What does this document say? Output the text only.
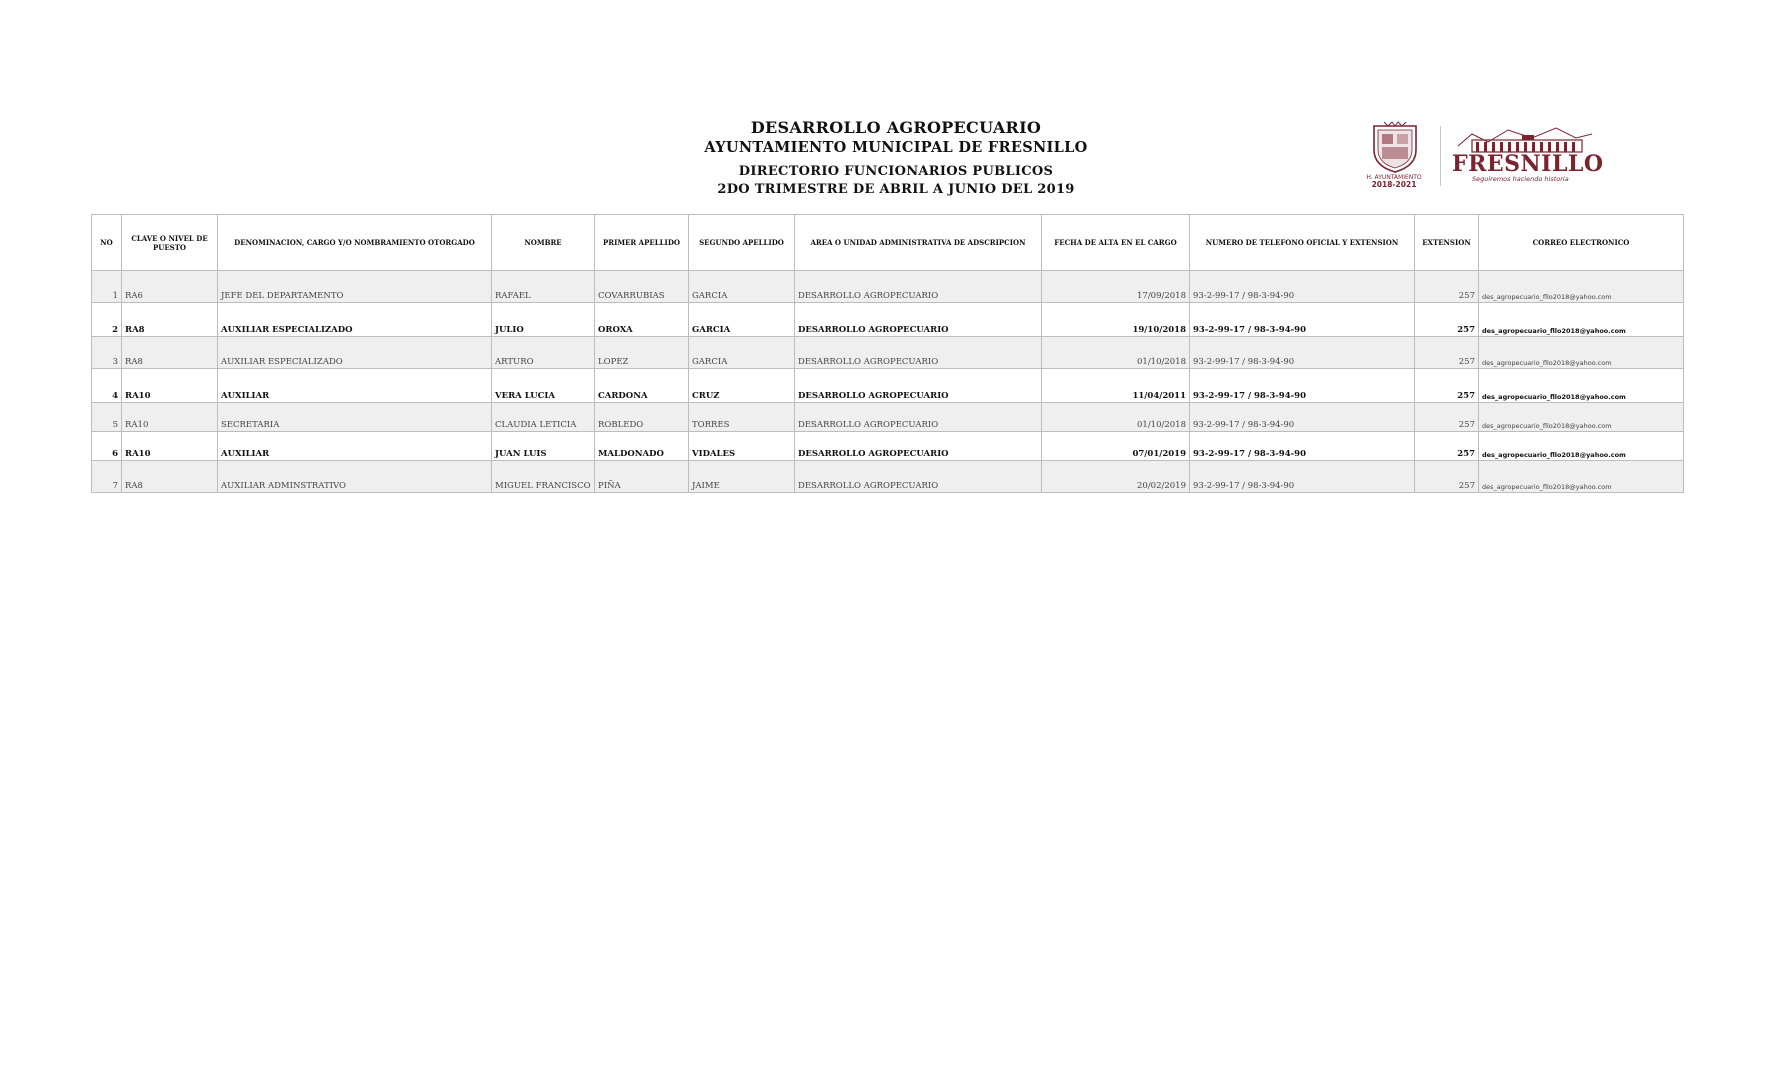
DESARROLLO AGROPECUARIO
AYUNTAMIENTO MUNICIPAL DE FRESNILLO
DIRECTORIO FUNCIONARIOS PUBLICOS
2DO TRIMESTRE DE ABRIL A JUNIO DEL 2019
H. AYUNTAMIENTO
2018-2021
FRESNILLO
Seguiremos haciendo historia
NO	CLAVE O NIVEL DE PUESTO	DENOMINACION, CARGO Y/O NOMBRAMIENTO OTORGADO	NOMBRE	PRIMER APELLIDO	SEGUNDO APELLIDO	AREA O UNIDAD ADMINISTRATIVA DE ADSCRIPCION	FECHA DE ALTA EN EL CARGO	NUMERO DE TELEFONO OFICIAL Y EXTENSION	EXTENSION	CORREO ELECTRONICO
1	RA6	JEFE DEL DEPARTAMENTO	RAFAEL	COVARRUBIAS	GARCIA	DESARROLLO AGROPECUARIO	17/09/2018	93-2-99-17 / 98-3-94-90	257	des_agropecuario_fllo2018@yahoo.com
2	RA8	AUXILIAR ESPECIALIZADO	JULIO	OROXA	GARCIA	DESARROLLO AGROPECUARIO	19/10/2018	93-2-99-17 / 98-3-94-90	257	des_agropecuario_fllo2018@yahoo.com
3	RA8	AUXILIAR ESPECIALIZADO	ARTURO	LOPEZ	GARCIA	DESARROLLO AGROPECUARIO	01/10/2018	93-2-99-17 / 98-3-94-90	257	des_agropecuario_fllo2018@yahoo.com
4	RA10	AUXILIAR	VERA LUCIA	CARDONA	CRUZ	DESARROLLO AGROPECUARIO	11/04/2011	93-2-99-17 / 98-3-94-90	257	des_agropecuario_fllo2018@yahoo.com
5	RA10	SECRETARIA	CLAUDIA LETICIA	ROBLEDO	TORRES	DESARROLLO AGROPECUARIO	01/10/2018	93-2-99-17 / 98-3-94-90	257	des_agropecuario_fllo2018@yahoo.com
6	RA10	AUXILIAR	JUAN LUIS	MALDONADO	VIDALES	DESARROLLO AGROPECUARIO	07/01/2019	93-2-99-17 / 98-3-94-90	257	des_agropecuario_fllo2018@yahoo.com
7	RA8	AUXILIAR ADMINSTRATIVO	MIGUEL FRANCISCO	PIÑA	JAIME	DESARROLLO AGROPECUARIO	20/02/2019	93-2-99-17 / 98-3-94-90	257	des_agropecuario_fllo2018@yahoo.com
